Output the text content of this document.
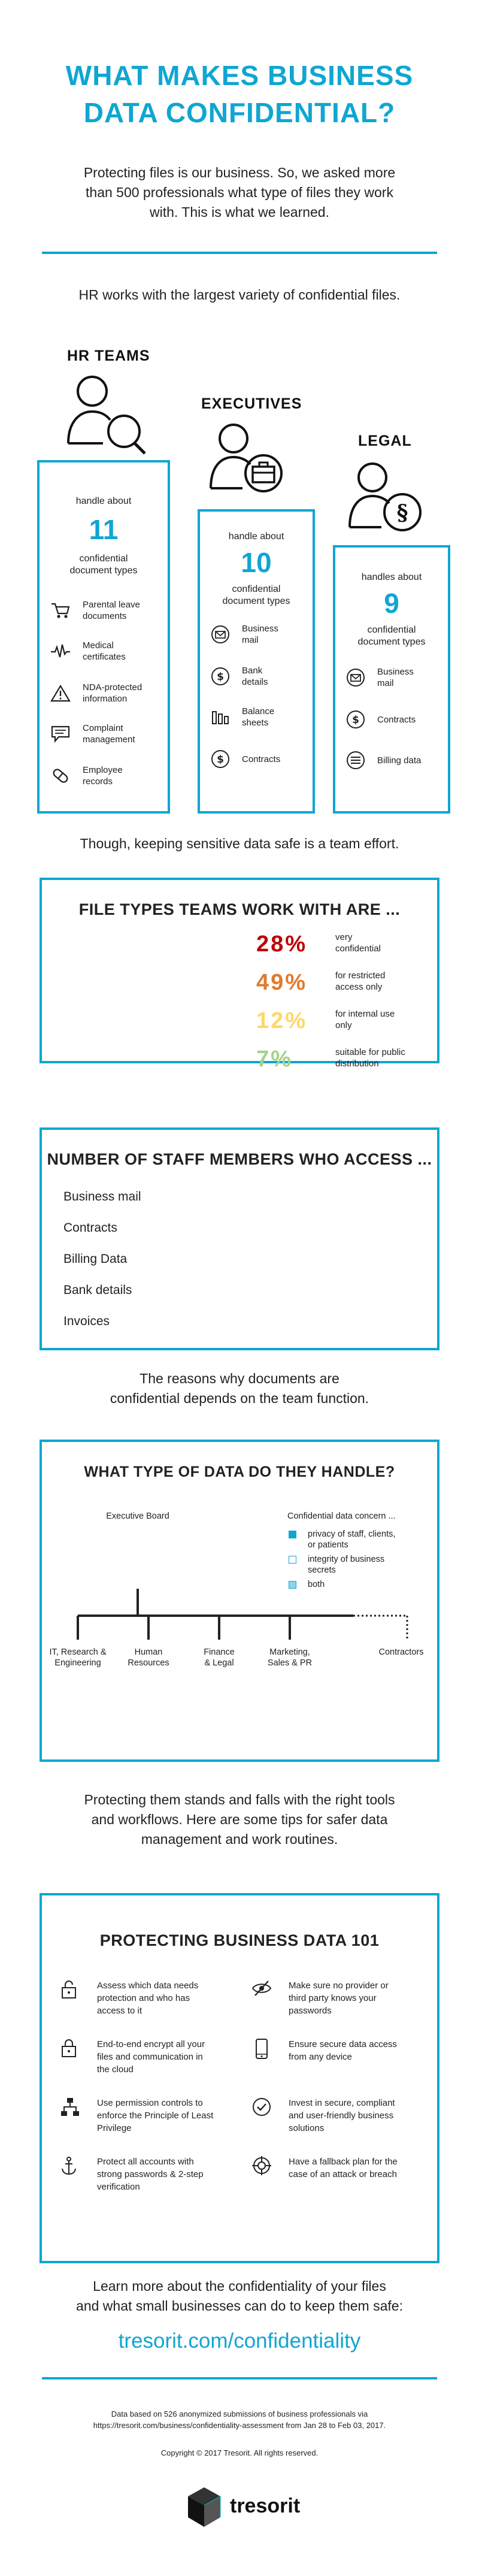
WHAT MAKES BUSINESS
DATA CONFIDENTIAL?
Protecting files is our business. So, we asked more
than 500 professionals what type of files they work
with. This is what we learned.
HR works with the largest variety of confidential files.
HR TEAMS
EXECUTIVES
LEGAL
§
handle about
11
confidential
document types
Parental leave
documents
Medical
certificates
NDA-protected
information
Complaint
management
Employee
records
handle about
10
confidential
document types
Business
mail
$
Bank
details
Balance
sheets
$ Contracts
handles about
9
confidential
document types
Business
mail
$ Contracts
Billing data
Though, keeping sensitive data safe is a team effort.
FILE TYPES TEAMS WORK WITH ARE ...
28%	very
confidential
49%	for restricted
access only
12%	for internal use
only
7%	suitable for public
distribution
NUMBER OF STAFF MEMBERS WHO ACCESS ...
Business mail
Contracts
Billing Data
Bank details
Invoices
The reasons why documents are
confidential depends on the team function.
WHAT TYPE OF DATA DO THEY HANDLE?
Executive Board	Confidential data concern ...
privacy of staff, clients,
or patients
integrity of business
secrets
both
IT, Research &
Engineering
Human
Resources
Finance
& Legal
Marketing,
Sales & PR
Contractors
Protecting them stands and falls with the right tools
and workflows. Here are some tips for safer data
management and work routines.
PROTECTING BUSINESS DATA 101
Assess which data needs
protection and who has
access to it
End-to-end encrypt all your
files and communication in
the cloud
Use permission controls to
enforce the Principle of Least
Privilege
Protect all accounts with
strong passwords & 2-step
verification
Make sure no provider or
third party knows your
passwords
Ensure secure data access
from any device
Invest in secure, compliant
and user-friendly business
solutions
Have a fallback plan for the
case of an attack or breach
Learn more about the confidentiality of your files
and what small businesses can do to keep them safe:
tresorit.com/confidentiality
Data based on 526 anonymized submissions of business professionals via
https://tresorit.com/business/confidentiality-assessment from Jan 28 to Feb 03, 2017.
Copyright © 2017 Tresorit. All rights reserved.
tresorit
